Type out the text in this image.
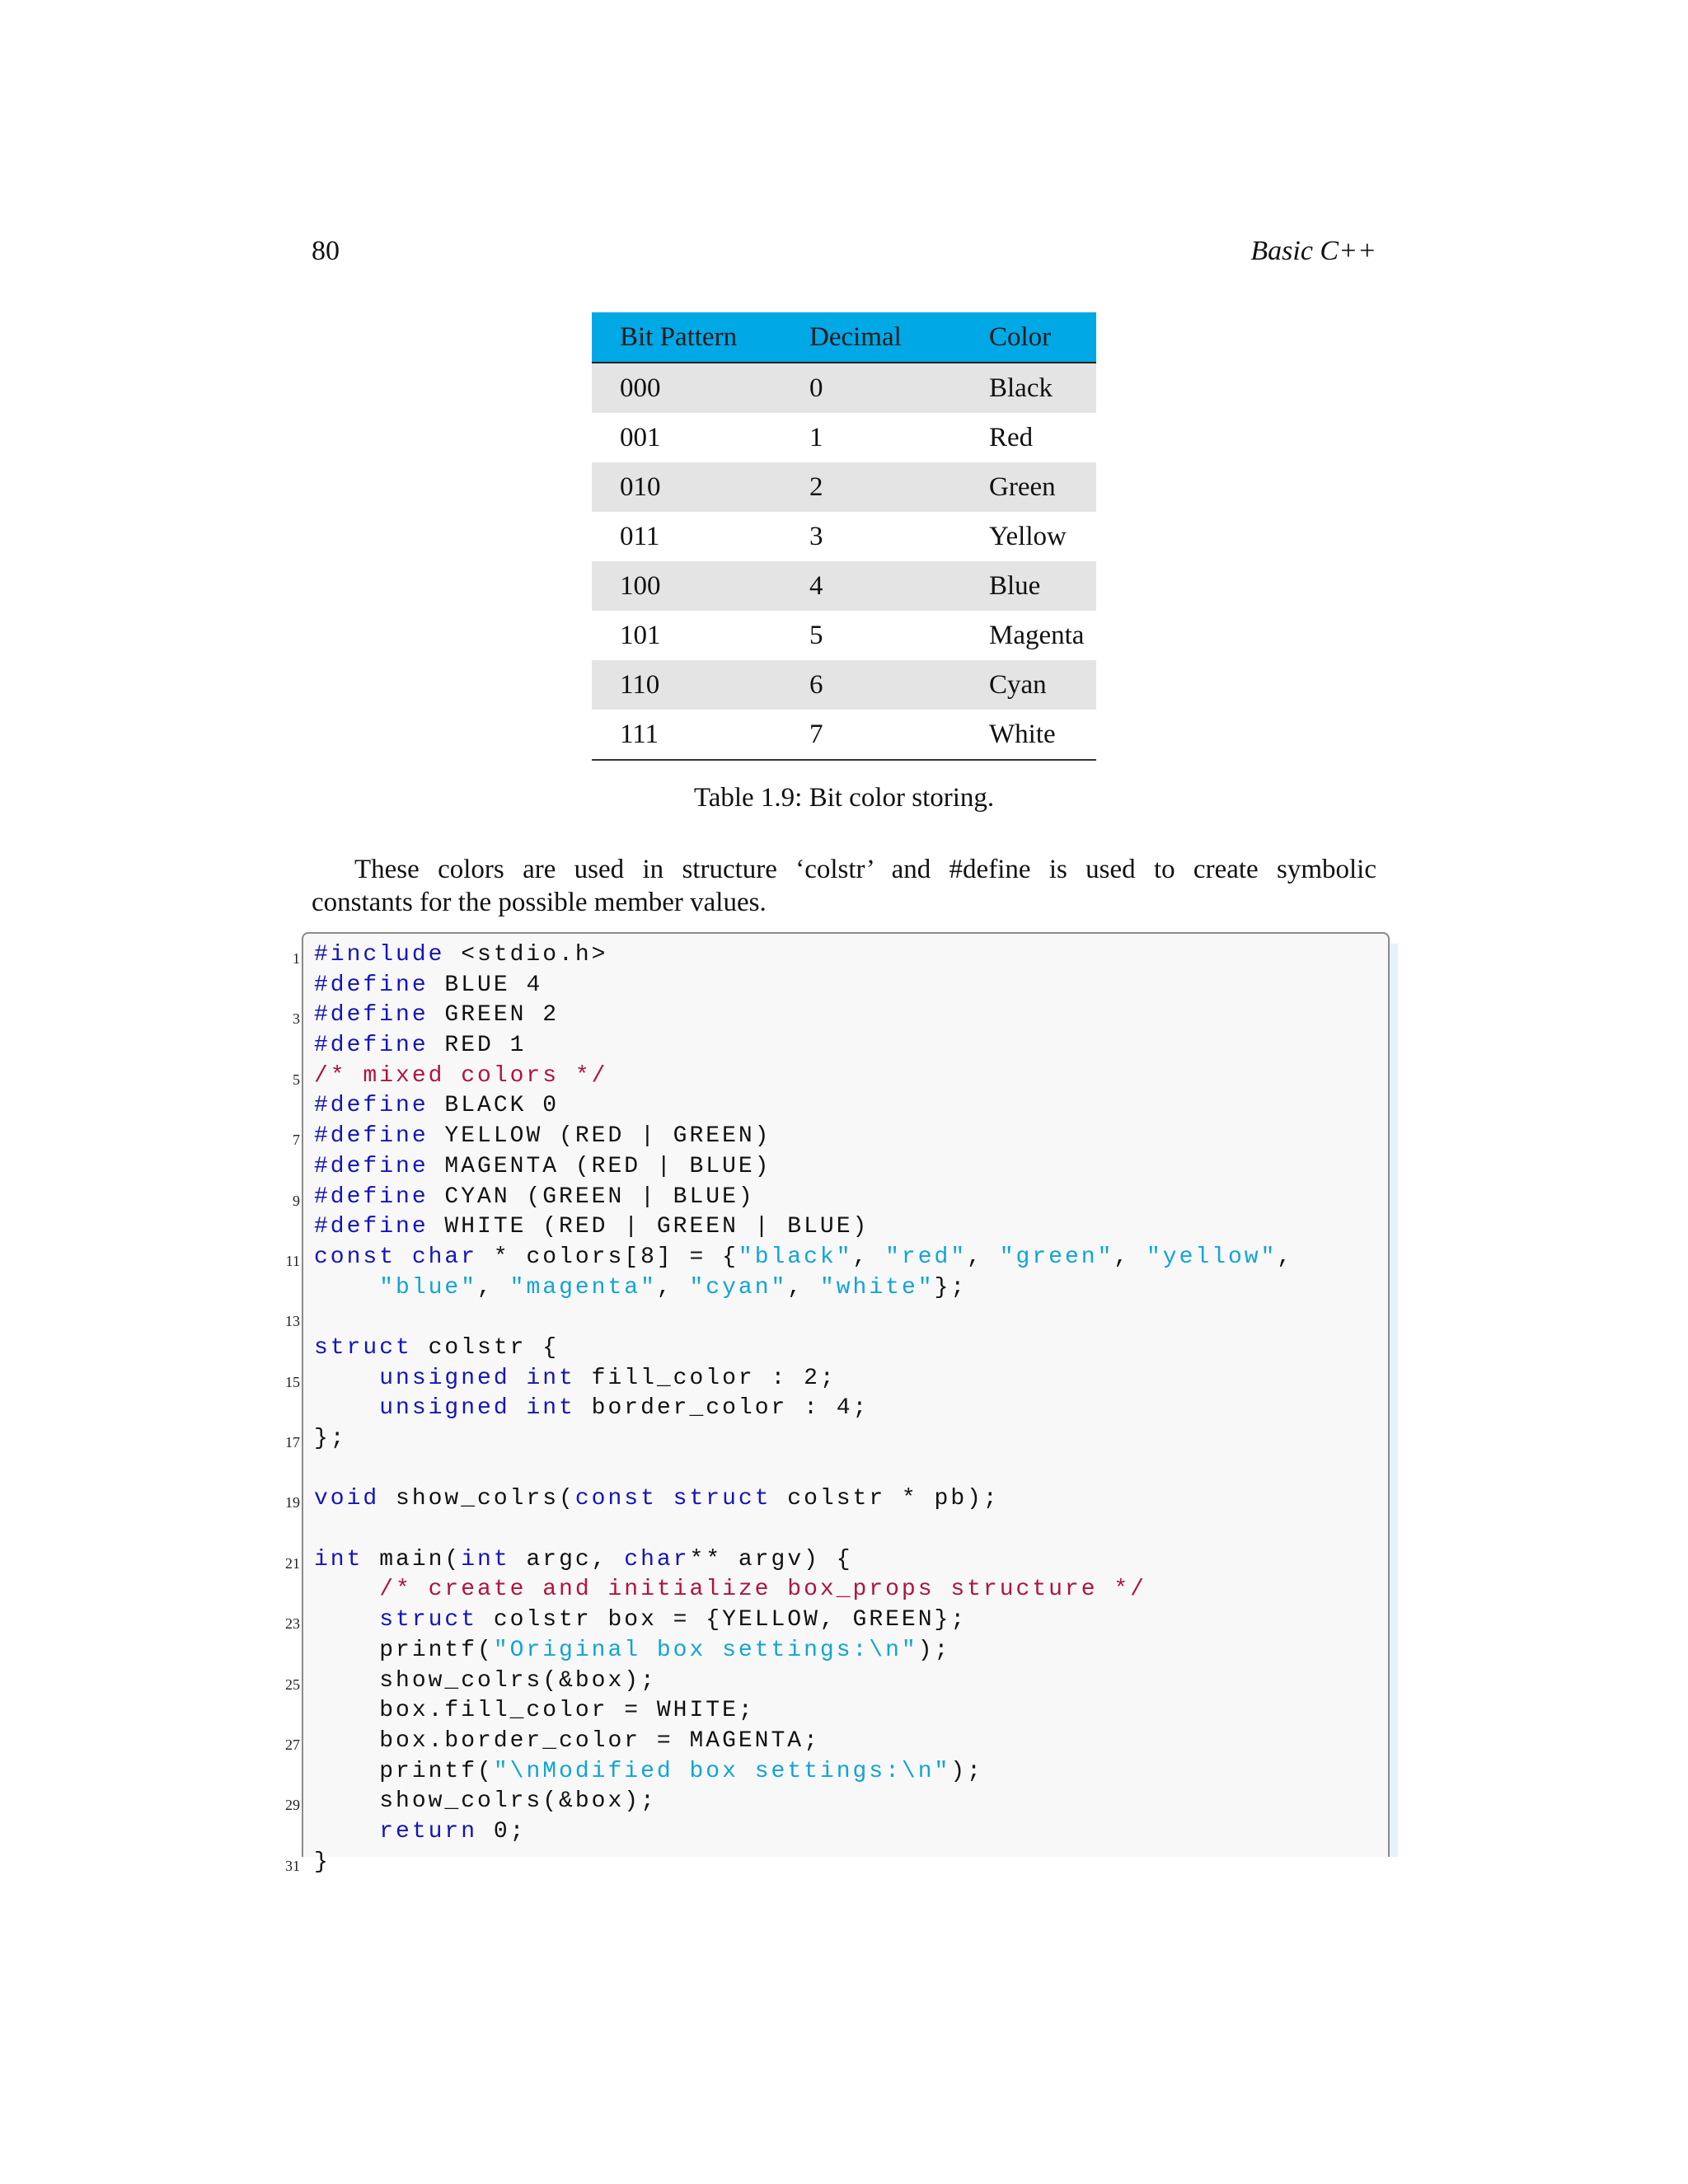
80	Basic C++
Bit Pattern	Decimal	Color
000	0	Black
001	1	Red
010	2	Green
011	3	Yellow
100	4	Blue
101	5	Magenta
110	6	Cyan
111	7	White
Table 1.9: Bit color storing.
These colors are used in structure ‘colstr’ and #define is used to create symbolic
constants for the possible member values.
1 #include <stdio.h>
#define BLUE 4
3 #define GREEN 2
#define RED 1
5 /* mixed colors */
#define BLACK 0
7 #define YELLOW (RED | GREEN)
#define MAGENTA (RED | BLUE)
9 #define CYAN (GREEN | BLUE)
#define WHITE (RED | GREEN | BLUE)
11 const char * colors[8] = {"black", "red", "green", "yellow",
"blue", "magenta", "cyan", "white"};
13
struct colstr {
15	unsigned int fill_color : 2;
unsigned int border_color : 4;
17 };
19 void show_colrs(const struct colstr * pb);
21 int main(int argc, char** argv) {
/* create and initialize box_props structure */
23	struct colstr box = {YELLOW, GREEN};
printf("Original box settings:\n");
25 show_colrs(&box);
box.fill_color = WHITE;
27 box.border_color = MAGENTA;
printf("\nModified box settings:\n");
29 show_colrs(&box);
return 0;
31 }
